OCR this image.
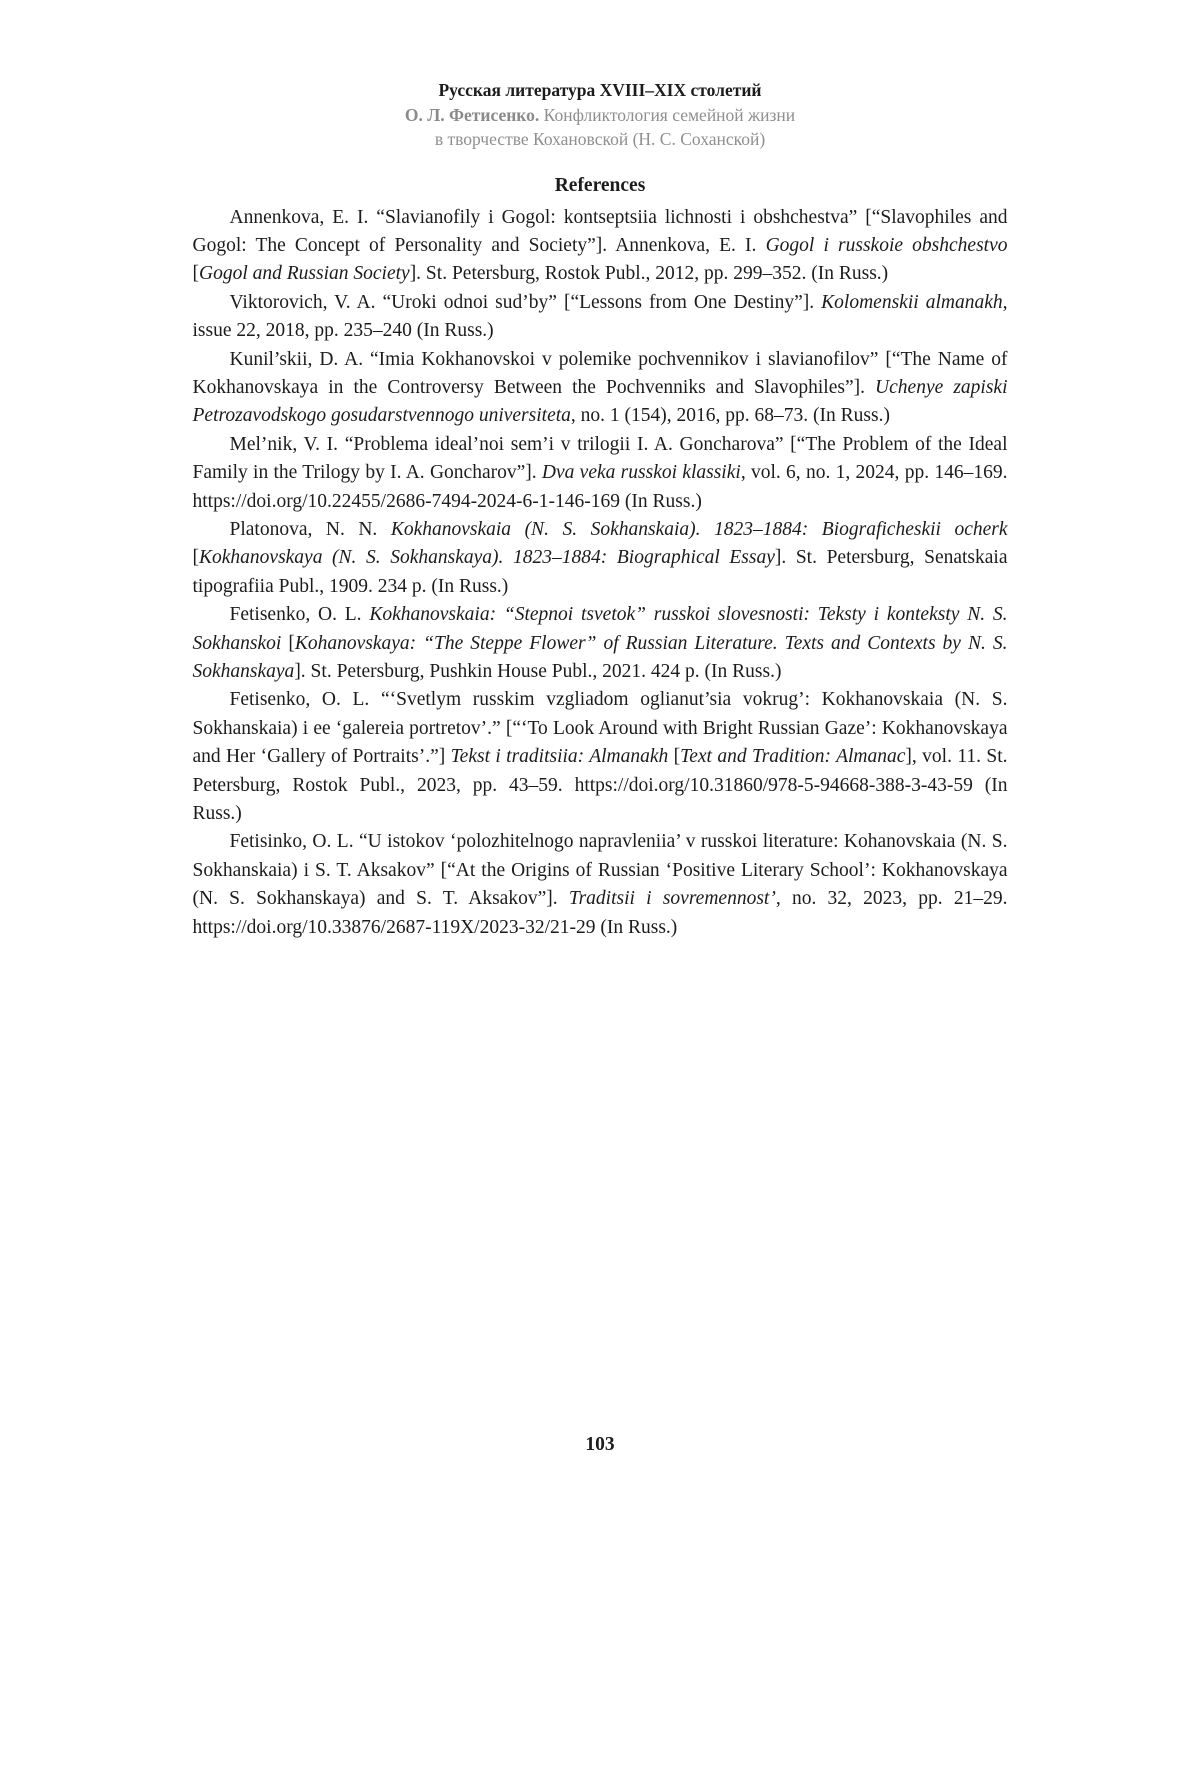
Русская литература XVIII–XIX столетий
О. Л. Фетисенко. Конфликтология семейной жизни
в творчестве Кохановской (Н. С. Соханской)
References

Annenkova, E. I. “Slavianofily i Gogol: kontseptsiia lichnosti i obshchestva” [“Slavophiles and Gogol: The Concept of Personality and Society”]. Annenkova, E. I. Gogol i russkoie obshchestvo [Gogol and Russian Society]. St. Petersburg, Rostok Publ., 2012, pp. 299–352. (In Russ.)

Viktorovich, V. A. “Uroki odnoi sud’by” [“Lessons from One Destiny”]. Kolomenskii almanakh, issue 22, 2018, pp. 235–240 (In Russ.)

Kunil’skii, D. A. “Imia Kokhanovskoi v polemike pochvennikov i slavianofilov” [“The Name of Kokhanovskaya in the Controversy Between the Pochvenniks and Slavophiles”]. Uchenye zapiski Petrozavodskogo gosudarstvennogo universiteta, no. 1 (154), 2016, pp. 68–73. (In Russ.)

Mel’nik, V. I. “Problema ideal’noi sem’i v trilogii I. A. Goncharova” [“The Problem of the Ideal Family in the Trilogy by I. A. Goncharov”]. Dva veka russkoi klassiki, vol. 6, no. 1, 2024, pp. 146–169. https://doi.org/10.22455/2686-7494-2024-6-1-146-169 (In Russ.)

Platonova, N. N. Kokhanovskaia (N. S. Sokhanskaia). 1823–1884: Biograficheskii ocherk [Kokhanovskaya (N. S. Sokhanskaya). 1823–1884: Biographical Essay]. St. Petersburg, Senatskaia tipografiia Publ., 1909. 234 p. (In Russ.)

Fetisenko, O. L. Kokhanovskaia: “Stepnoi tsvetok” russkoi slovesnosti: Teksty i konteksty N. S. Sokhanskoi [Kohanovskaya: “The Steppe Flower” of Russian Literature. Texts and Contexts by N. S. Sokhanskaya]. St. Petersburg, Pushkin House Publ., 2021. 424 p. (In Russ.)

Fetisenko, O. L. “‘Svetlym russkim vzgliadom oglianut’sia vokrug’: Kokhanovskaia (N. S. Sokhanskaia) i ee ‘galereia portretov’.” [“‘To Look Around with Bright Russian Gaze’: Kokhanovskaya and Her ‘Gallery of Portraits’.”] Tekst i traditsiia: Almanakh [Text and Tradition: Almanac], vol. 11. St. Petersburg, Rostok Publ., 2023, pp. 43–59. https://doi.org/10.31860/978-5-94668-388-3-43-59 (In Russ.)

Fetisinko, O. L. “U istokov ‘polozhitelnogo napravleniia’ v russkoi literature: Kohanovskaia (N. S. Sokhanskaia) i S. T. Aksakov” [“At the Origins of Russian ‘Positive Literary School’: Kokhanovskaya (N. S. Sokhanskaya) and S. T. Aksakov”]. Traditsii i sovremennost’, no. 32, 2023, pp. 21–29. https://doi.org/10.33876/2687-119X/2023-32/21-29 (In Russ.)

103
